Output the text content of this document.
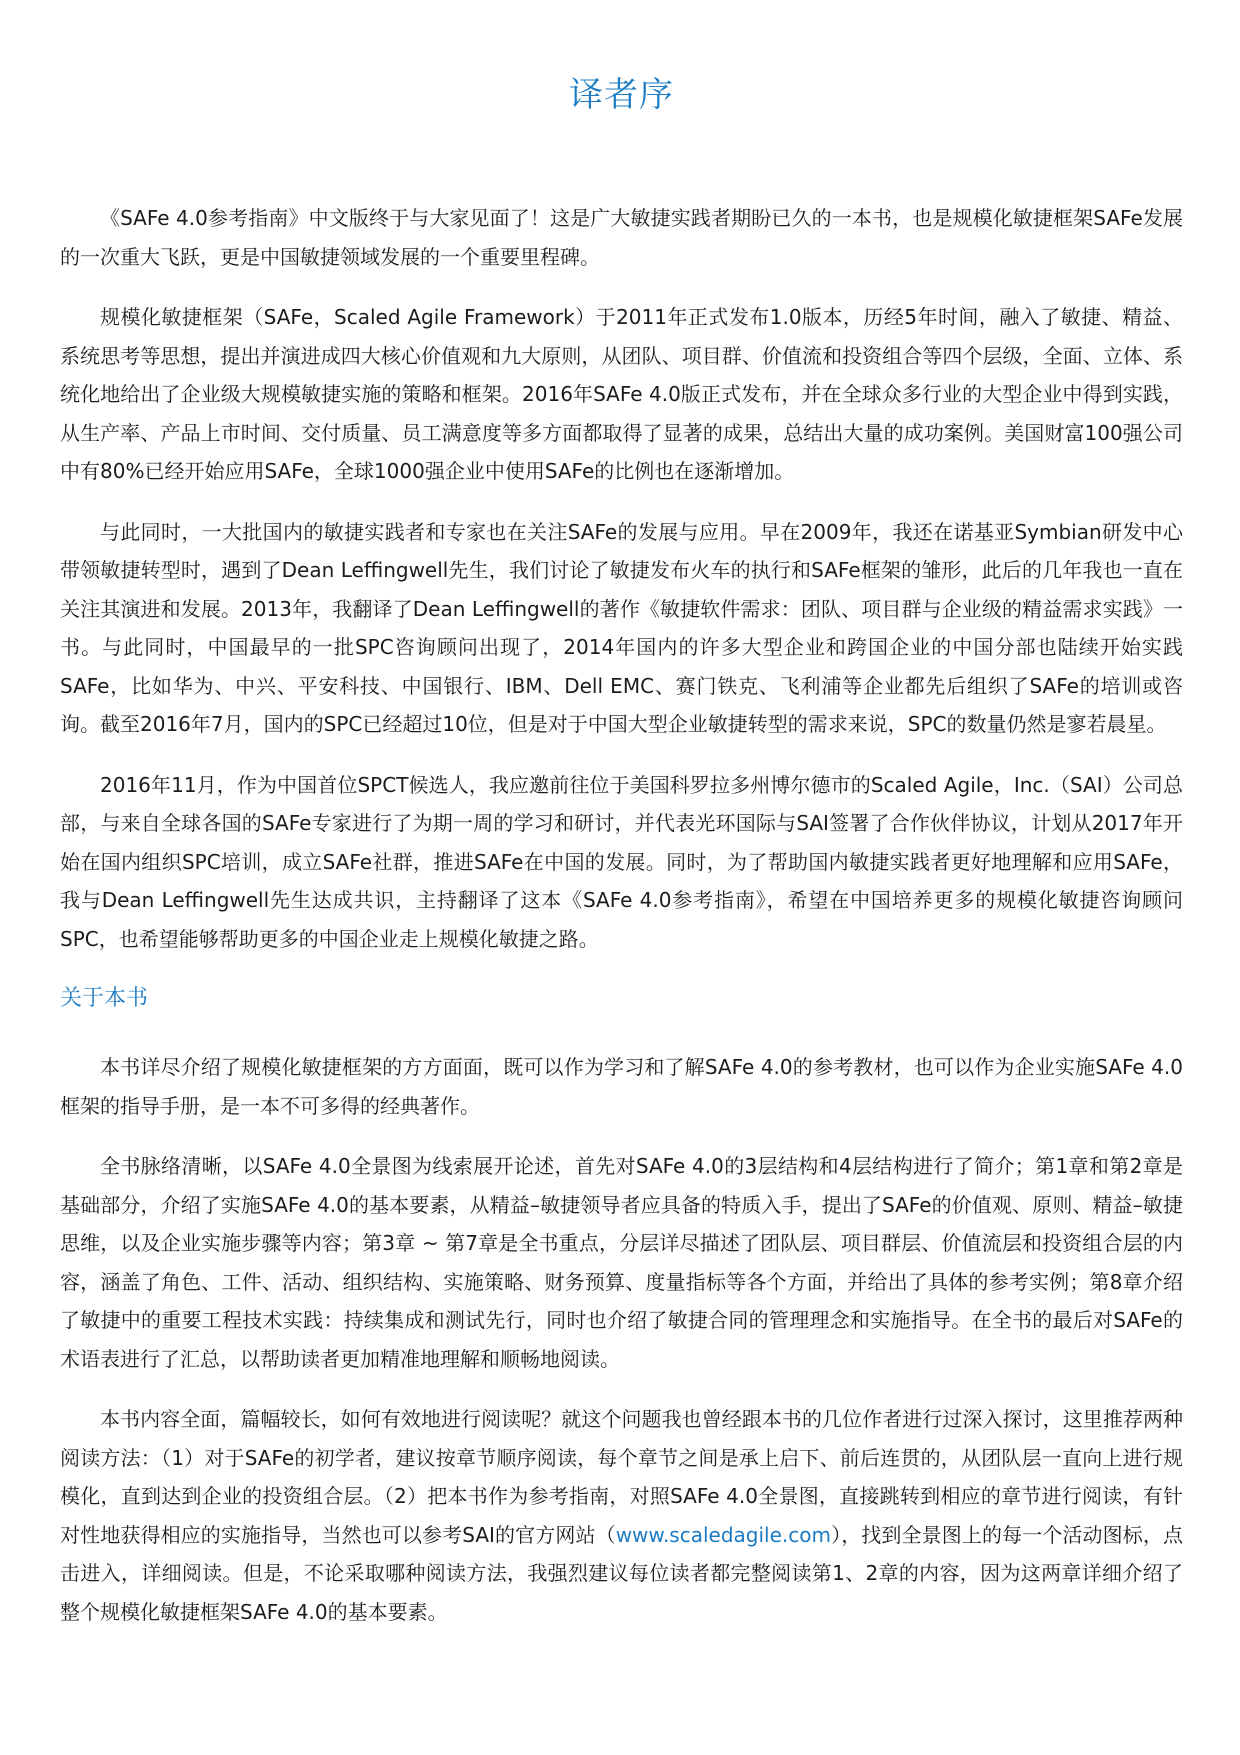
译者序

《SAFe 4.0参考指南》中文版终于与大家见面了！这是广大敏捷实践者期盼已久的一本书，也是规模化敏捷框架SAFe发展的一次重大飞跃，更是中国敏捷领域发展的一个重要里程碑。

规模化敏捷框架（SAFe，Scaled Agile Framework）于2011年正式发布1.0版本，历经5年时间，融入了敏捷、精益、系统思考等思想，提出并演进成四大核心价值观和九大原则，从团队、项目群、价值流和投资组合等四个层级，全面、立体、系统化地给出了企业级大规模敏捷实施的策略和框架。2016年SAFe 4.0版正式发布，并在全球众多行业的大型企业中得到实践，从生产率、产品上市时间、交付质量、员工满意度等多方面都取得了显著的成果，总结出大量的成功案例。美国财富100强公司中有80%已经开始应用SAFe，全球1000强企业中使用SAFe的比例也在逐渐增加。

与此同时，一大批国内的敏捷实践者和专家也在关注SAFe的发展与应用。早在2009年，我还在诺基亚Symbian研发中心带领敏捷转型时，遇到了Dean Leffingwell先生，我们讨论了敏捷发布火车的执行和SAFe框架的雏形，此后的几年我也一直在关注其演进和发展。2013年，我翻译了Dean Leffingwell的著作《敏捷软件需求：团队、项目群与企业级的精益需求实践》一书。与此同时，中国最早的一批SPC咨询顾问出现了，2014年国内的许多大型企业和跨国企业的中国分部也陆续开始实践SAFe，比如华为、中兴、平安科技、中国银行、IBM、Dell EMC、赛门铁克、飞利浦等企业都先后组织了SAFe的培训或咨询。截至2016年7月，国内的SPC已经超过10位，但是对于中国大型企业敏捷转型的需求来说，SPC的数量仍然是寥若晨星。

2016年11月，作为中国首位SPCT候选人，我应邀前往位于美国科罗拉多州博尔德市的Scaled Agile，Inc.（SAI）公司总部，与来自全球各国的SAFe专家进行了为期一周的学习和研讨，并代表光环国际与SAI签署了合作伙伴协议，计划从2017年开始在国内组织SPC培训，成立SAFe社群，推进SAFe在中国的发展。同时，为了帮助国内敏捷实践者更好地理解和应用SAFe，我与Dean Leffingwell先生达成共识，主持翻译了这本《SAFe 4.0参考指南》，希望在中国培养更多的规模化敏捷咨询顾问SPC，也希望能够帮助更多的中国企业走上规模化敏捷之路。

关于本书

本书详尽介绍了规模化敏捷框架的方方面面，既可以作为学习和了解SAFe 4.0的参考教材，也可以作为企业实施SAFe 4.0框架的指导手册，是一本不可多得的经典著作。

全书脉络清晰，以SAFe 4.0全景图为线索展开论述，首先对SAFe 4.0的3层结构和4层结构进行了简介；第1章和第2章是基础部分，介绍了实施SAFe 4.0的基本要素，从精益–敏捷领导者应具备的特质入手，提出了SAFe的价值观、原则、精益–敏捷思维，以及企业实施步骤等内容；第3章 ~ 第7章是全书重点，分层详尽描述了团队层、项目群层、价值流层和投资组合层的内容，涵盖了角色、工件、活动、组织结构、实施策略、财务预算、度量指标等各个方面，并给出了具体的参考实例；第8章介绍了敏捷中的重要工程技术实践：持续集成和测试先行，同时也介绍了敏捷合同的管理理念和实施指导。在全书的最后对SAFe的术语表进行了汇总，以帮助读者更加精准地理解和顺畅地阅读。

本书内容全面，篇幅较长，如何有效地进行阅读呢？就这个问题我也曾经跟本书的几位作者进行过深入探讨，这里推荐两种阅读方法：（1）对于SAFe的初学者，建议按章节顺序阅读，每个章节之间是承上启下、前后连贯的，从团队层一直向上进行规模化，直到达到企业的投资组合层。（2）把本书作为参考指南，对照SAFe 4.0全景图，直接跳转到相应的章节进行阅读，有针对性地获得相应的实施指导，当然也可以参考SAI的官方网站（www.scaledagile.com），找到全景图上的每一个活动图标，点击进入，详细阅读。但是，不论采取哪种阅读方法，我强烈建议每位读者都完整阅读第1、2章的内容，因为这两章详细介绍了整个规模化敏捷框架SAFe 4.0的基本要素。
